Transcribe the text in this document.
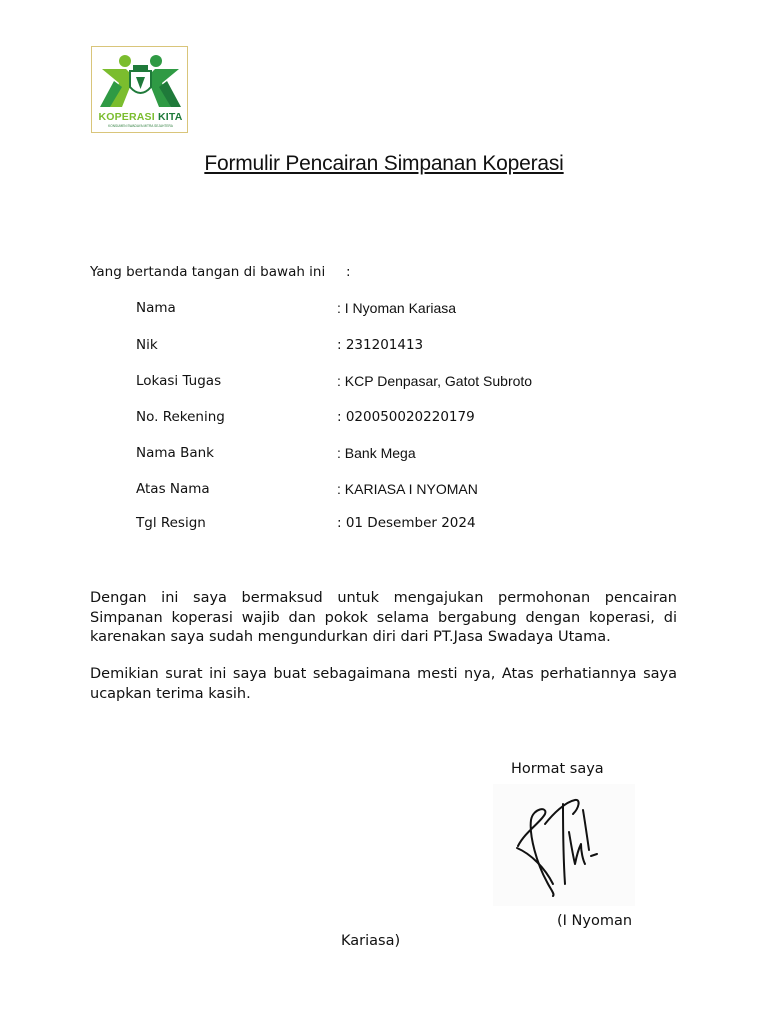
KOPERASI KITA
KONSUMEN SWADAYA MITRA SEJAHTERA
Formulir Pencairan Simpanan Koperasi
Yang bertanda tangan di bawah ini :
Nama	: I Nyoman Kariasa
Nik	: 231201413
Lokasi Tugas	: KCP Denpasar, Gatot Subroto
No. Rekening	: 020050020220179
Nama Bank	: Bank Mega
Atas Nama	: KARIASA I NYOMAN
Tgl Resign	: 01 Desember 2024
Dengan ini saya bermaksud untuk mengajukan permohonan pencairan Simpanan koperasi wajib dan pokok selama bergabung dengan koperasi, di karenakan saya sudah mengundurkan diri dari PT.Jasa Swadaya Utama.
Demikian surat ini saya buat sebagaimana mesti nya, Atas perhatiannya saya ucapkan terima kasih.
Hormat saya
(I Nyoman
Kariasa)
